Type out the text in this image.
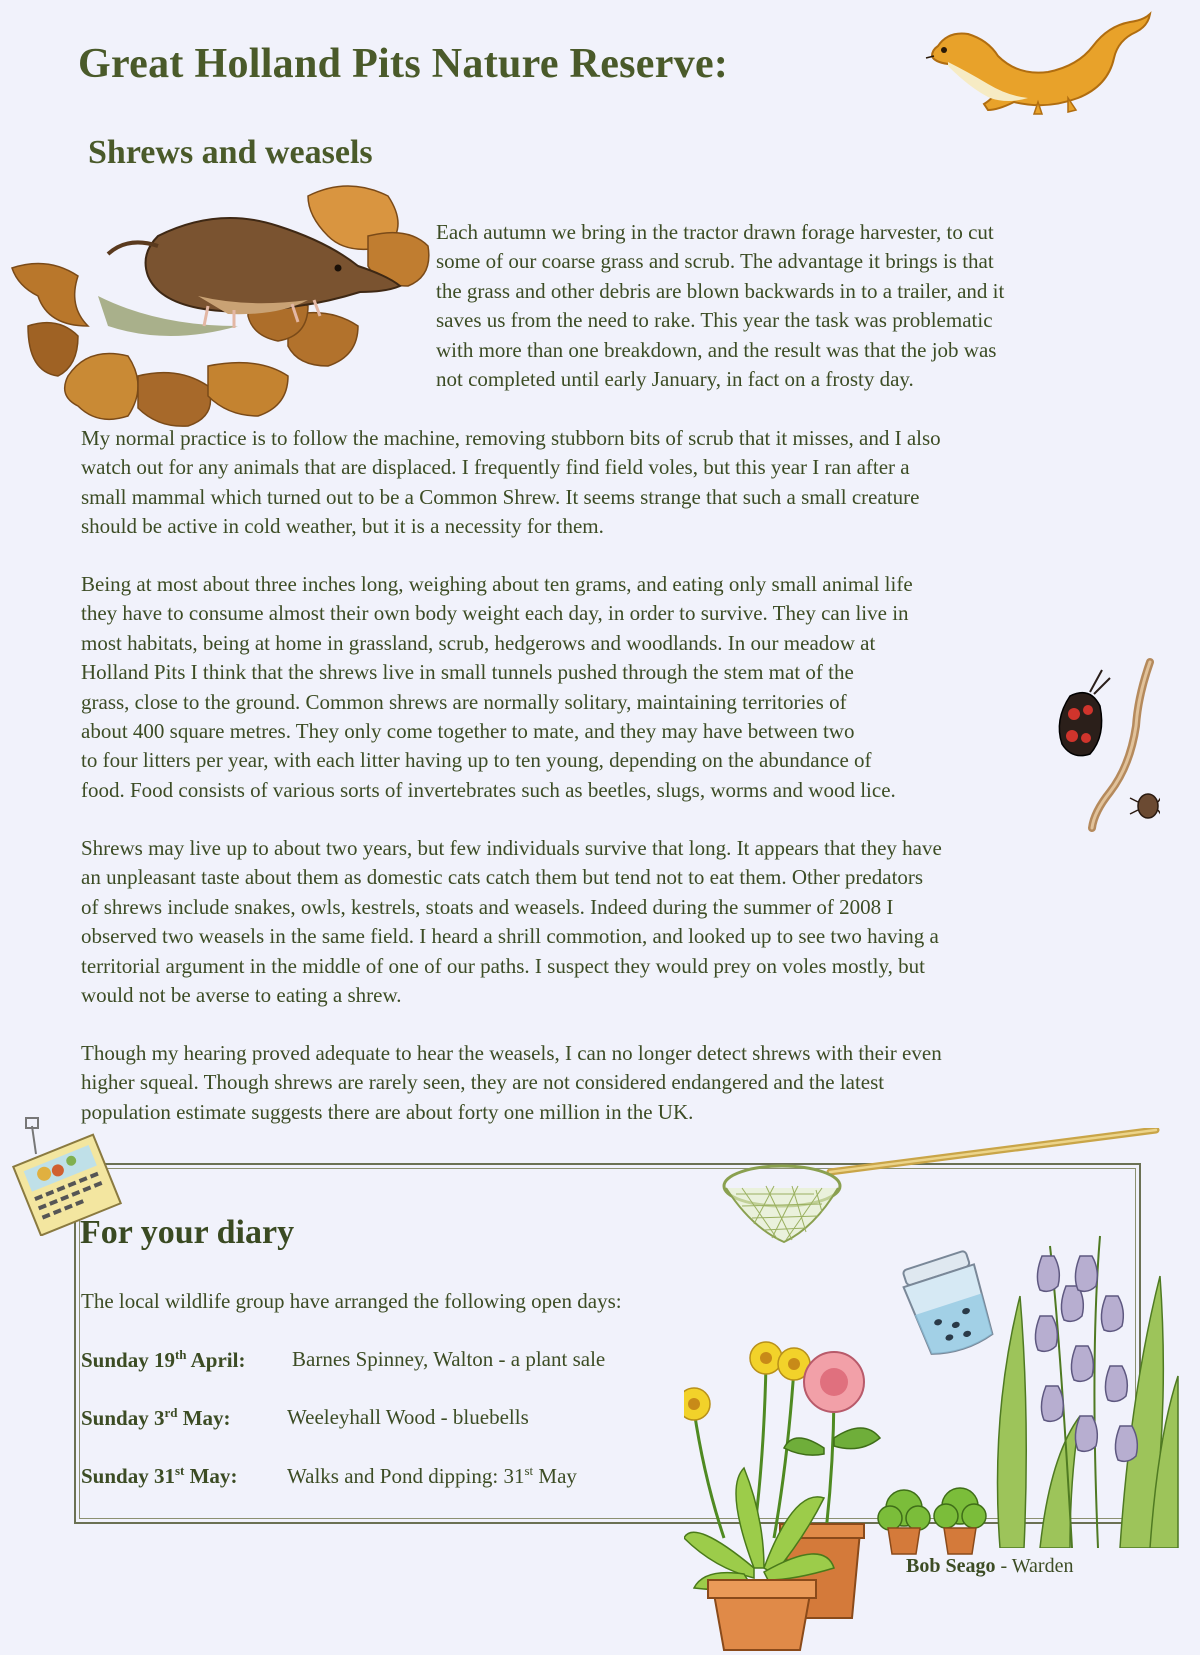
Great Holland Pits Nature Reserve:
Shrews and weasels
Each autumn we bring in the tractor drawn forage harvester, to cut
some of our coarse grass and scrub. The advantage it brings is that
the grass and other debris are blown backwards in to a trailer, and it
saves us from the need to rake. This year the task was problematic
with more than one breakdown, and the result was that the job was
not completed until early January, in fact on a frosty day.
My normal practice is to follow the machine, removing stubborn bits of scrub that it misses, and I also
watch out for any animals that are displaced. I frequently find field voles, but this year I ran after a
small mammal which turned out to be a Common Shrew. It seems strange that such a small creature
should be active in cold weather, but it is a necessity for them.
Being at most about three inches long, weighing about ten grams, and eating only small animal life
they have to consume almost their own body weight each day, in order to survive. They can live in
most habitats, being at home in grassland, scrub, hedgerows and woodlands. In our meadow at
Holland Pits I think that the shrews live in small tunnels pushed through the stem mat of the
grass, close to the ground. Common shrews are normally solitary, maintaining territories of
about 400 square metres. They only come together to mate, and they may have between two
to four litters per year, with each litter having up to ten young, depending on the abundance of
food. Food consists of various sorts of invertebrates such as beetles, slugs, worms and wood lice.
Shrews may live up to about two years, but few individuals survive that long. It appears that they have
an unpleasant taste about them as domestic cats catch them but tend not to eat them. Other predators
of shrews include snakes, owls, kestrels, stoats and weasels. Indeed during the summer of 2008 I
observed two weasels in the same field. I heard a shrill commotion, and looked up to see two having a
territorial argument in the middle of one of our paths. I suspect they would prey on voles mostly, but
would not be averse to eating a shrew.
Though my hearing proved adequate to hear the weasels, I can no longer detect shrews with their even
higher squeal. Though shrews are rarely seen, they are not considered endangered and the latest
population estimate suggests there are about forty one million in the UK.
For your diary
The local wildlife group have arranged the following open days:
Sunday 19th April: Barnes Spinney, Walton - a plant sale
Sunday 3rd May:	Weeleyhall Wood - bluebells
Sunday 31st May: Walks and Pond dipping: 31st May
Bob Seago - Warden
